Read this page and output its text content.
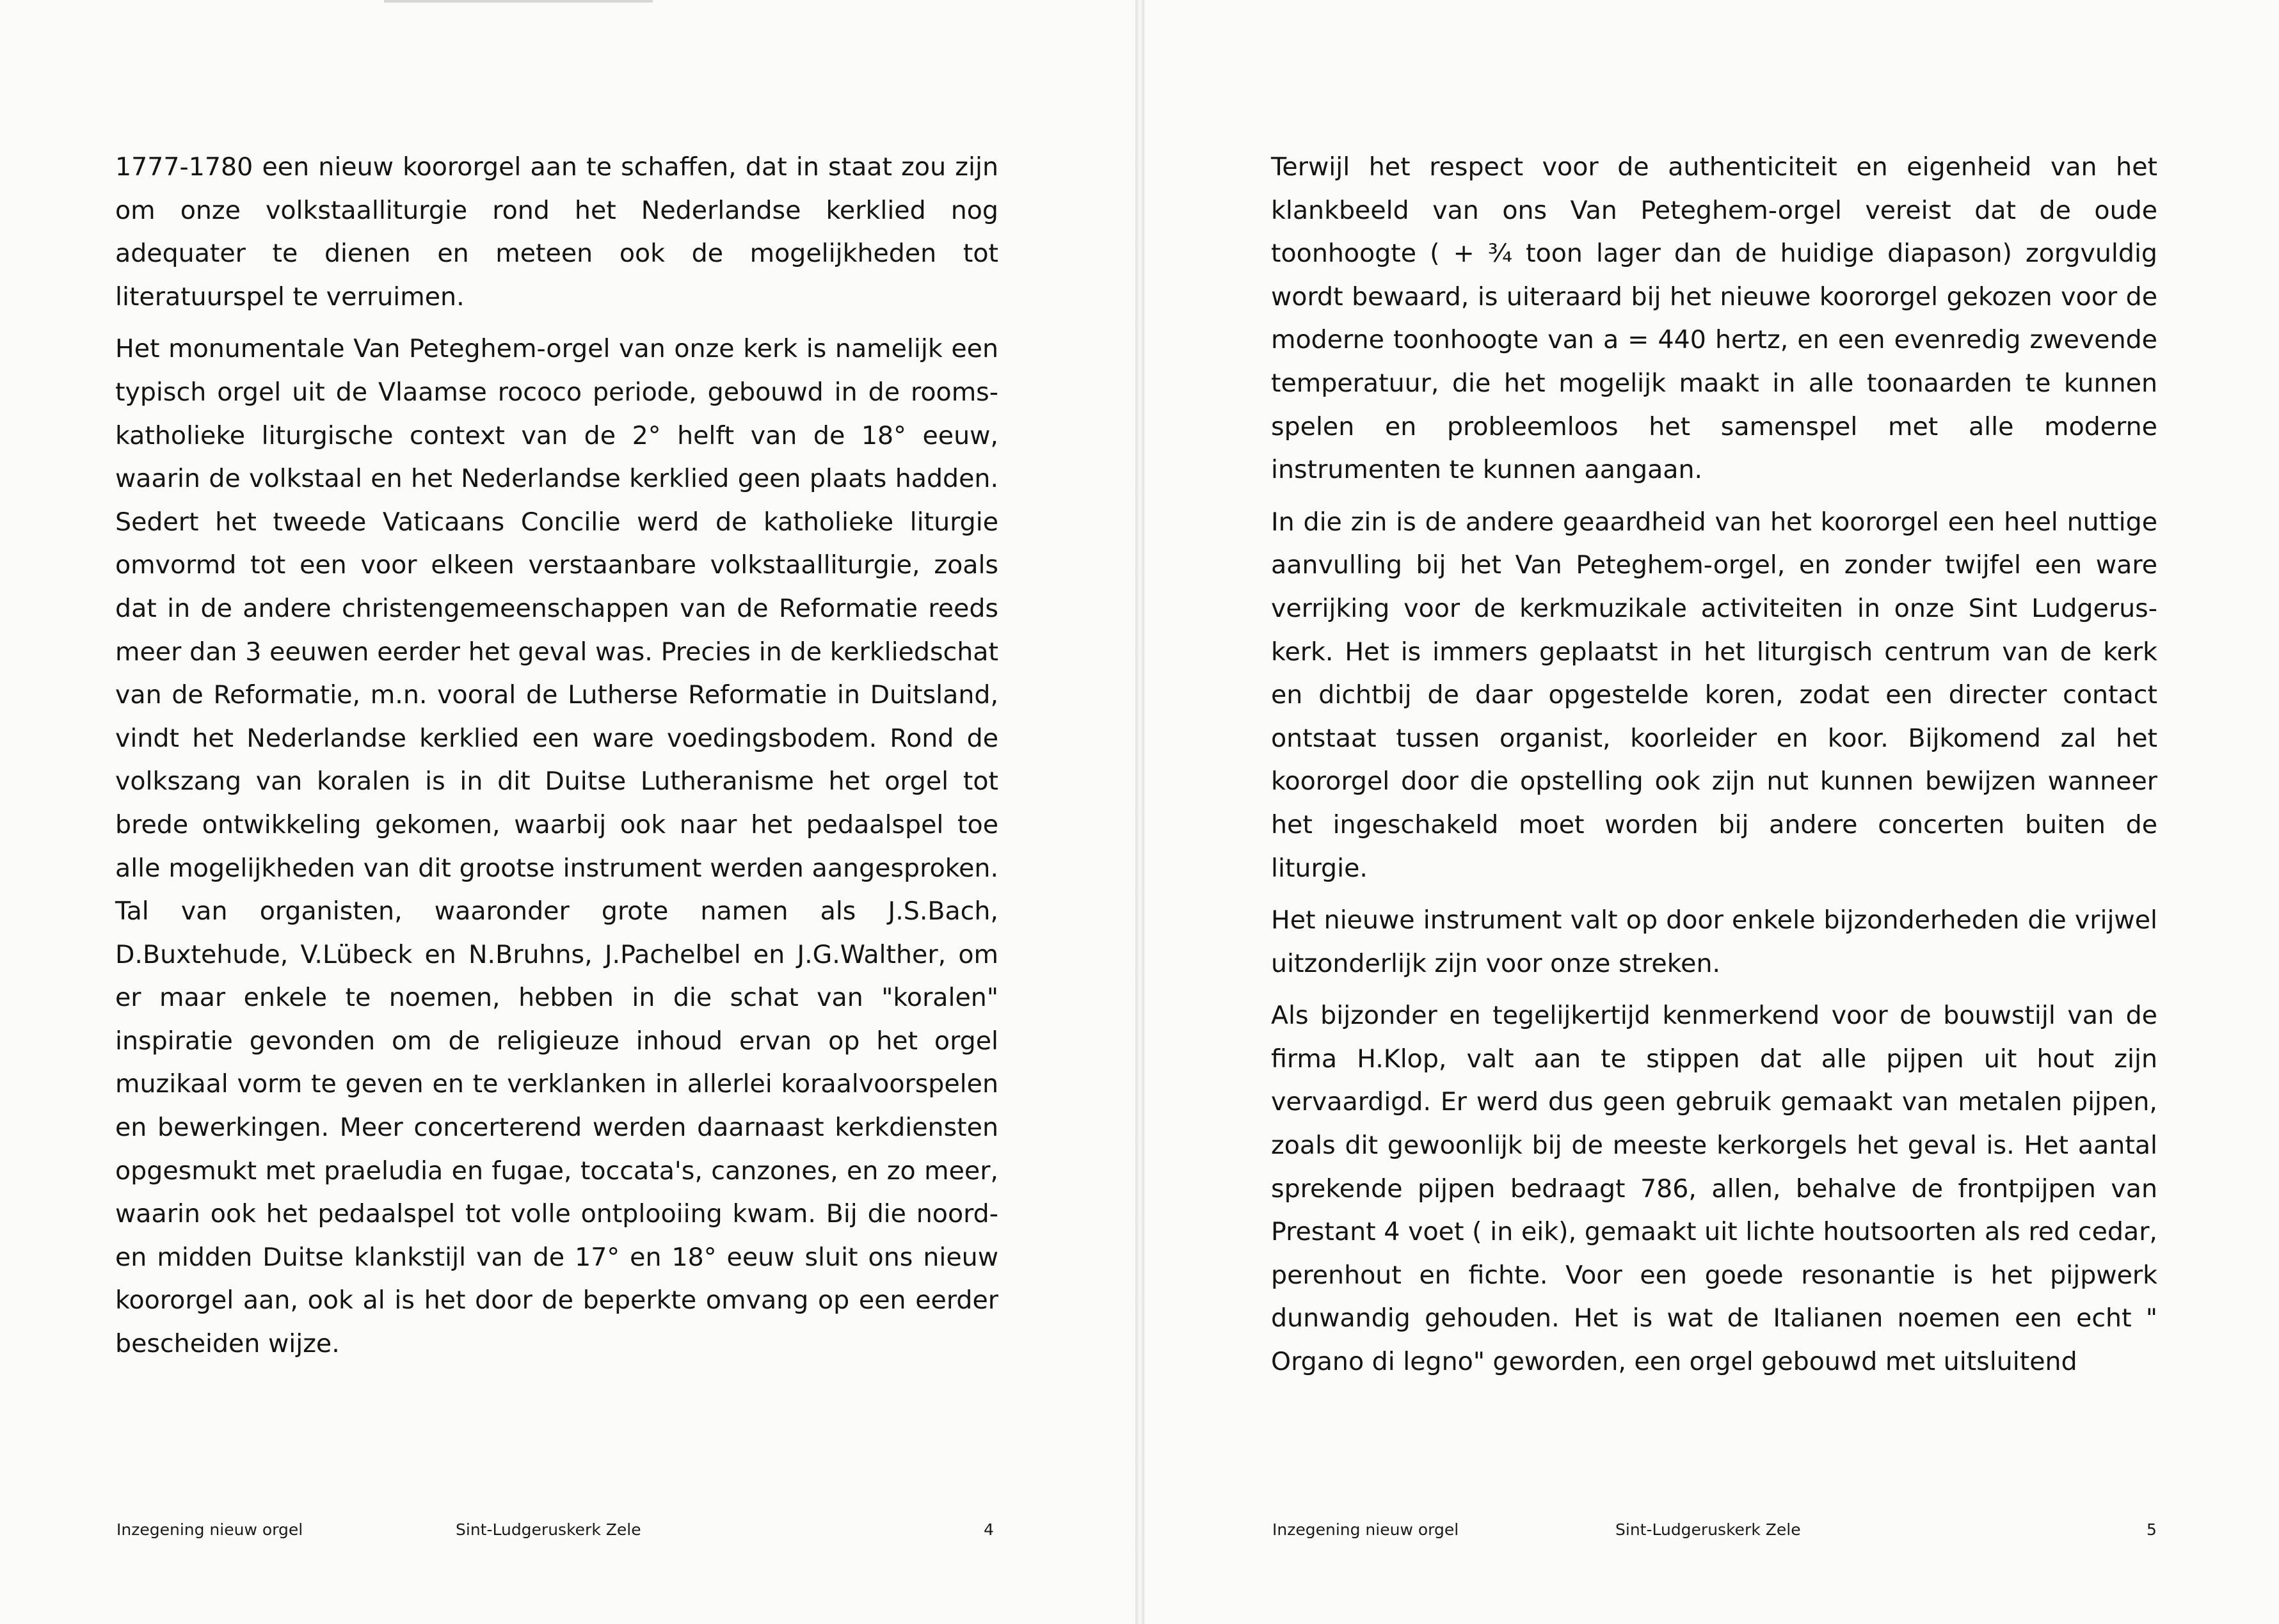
1777-1780 een nieuw koororgel aan te schaffen, dat in staat zou zijn om onze volkstaalliturgie rond het Nederlandse kerklied nog adequater te dienen en meteen ook de mogelijkheden tot literatuurspel te verruimen.

Het monumentale Van Peteghem-orgel van onze kerk is namelijk een typisch orgel uit de Vlaamse rococo periode, gebouwd in de rooms-katholieke liturgische context van de 2° helft van de 18° eeuw, waarin de volkstaal en het Nederlandse kerklied geen plaats hadden. Sedert het tweede Vaticaans Concilie werd de katholieke liturgie omvormd tot een voor elkeen verstaanbare volkstaalliturgie, zoals dat in de andere christengemeenschappen van de Reformatie reeds meer dan 3 eeuwen eerder het geval was. Precies in de kerkliedschat van de Reformatie, m.n. vooral de Lutherse Reformatie in Duitsland, vindt het Nederlandse kerklied een ware voedingsbodem. Rond de volkszang van koralen is in dit Duitse Lutheranisme het orgel tot brede ontwikkeling gekomen, waarbij ook naar het pedaalspel toe alle mogelijkheden van dit grootse instrument werden aangesproken. Tal van organisten, waaronder grote namen als J.S.Bach, D.Buxtehude, V.Lübeck en N.Bruhns, J.Pachelbel en J.G.Walther, om er maar enkele te noemen, hebben in die schat van "koralen" inspiratie gevonden om de religieuze inhoud ervan op het orgel muzikaal vorm te geven en te verklanken in allerlei koraalvoorspelen en bewerkingen. Meer concerterend werden daarnaast kerkdiensten opgesmukt met praeludia en fugae, toccata's, canzones, en zo meer, waarin ook het pedaalspel tot volle ontplooiing kwam. Bij die noord- en midden Duitse klankstijl van de 17° en 18° eeuw sluit ons nieuw koororgel aan, ook al is het door de beperkte omvang op een eerder bescheiden wijze.

Inzegening nieuw orgel	Sint-Ludgeruskerk Zele	4

Terwijl het respect voor de authenticiteit en eigenheid van het klankbeeld van ons Van Peteghem-orgel vereist dat de oude toonhoogte ( + ¾ toon lager dan de huidige diapason) zorgvuldig wordt bewaard, is uiteraard bij het nieuwe koororgel gekozen voor de moderne toonhoogte van a = 440 hertz, en een evenredig zwevende temperatuur, die het mogelijk maakt in alle toonaarden te kunnen spelen en probleemloos het samenspel met alle moderne instrumenten te kunnen aangaan.

In die zin is de andere geaardheid van het koororgel een heel nuttige aanvulling bij het Van Peteghem-orgel, en zonder twijfel een ware verrijking voor de kerkmuzikale activiteiten in onze Sint Ludgerus-kerk. Het is immers geplaatst in het liturgisch centrum van de kerk en dichtbij de daar opgestelde koren, zodat een directer contact ontstaat tussen organist, koorleider en koor. Bijkomend zal het koororgel door die opstelling ook zijn nut kunnen bewijzen wanneer het ingeschakeld moet worden bij andere concerten buiten de liturgie.

Het nieuwe instrument valt op door enkele bijzonderheden die vrijwel uitzonderlijk zijn voor onze streken.

Als bijzonder en tegelijkertijd kenmerkend voor de bouwstijl van de firma H.Klop, valt aan te stippen dat alle pijpen uit hout zijn vervaardigd. Er werd dus geen gebruik gemaakt van metalen pijpen, zoals dit gewoonlijk bij de meeste kerkorgels het geval is. Het aantal sprekende pijpen bedraagt 786, allen, behalve de frontpijpen van Prestant 4 voet ( in eik), gemaakt uit lichte houtsoorten als red cedar, perenhout en fichte. Voor een goede resonantie is het pijpwerk dunwandig gehouden. Het is wat de Italianen noemen een echt " Organo di legno" geworden, een orgel gebouwd met uitsluitend

Inzegening nieuw orgel	Sint-Ludgeruskerk Zele	5
